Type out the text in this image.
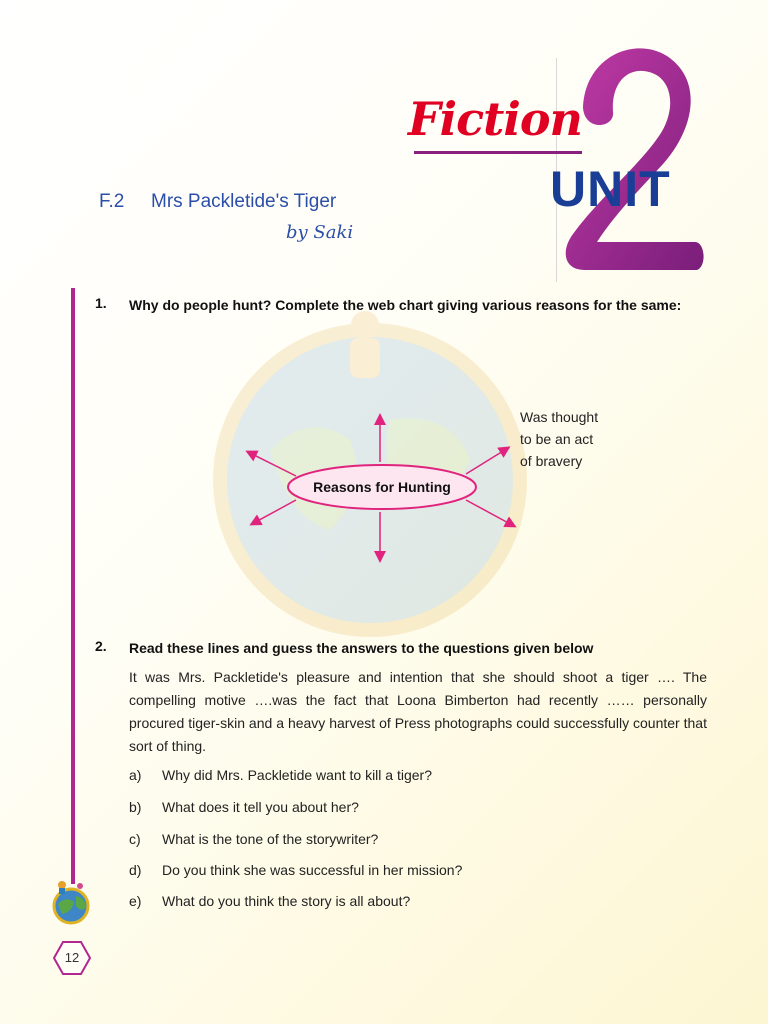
Fiction
UNIT
F.2 Mrs Packletide's Tiger
by Saki
1. Why do people hunt? Complete the web chart giving various reasons for the same:
Reasons for Hunting
Was thought
to be an act
of bravery
2. Read these lines and guess the answers to the questions given below
It was Mrs. Packletide's pleasure and intention that she should shoot a tiger …. The compelling motive ….was the fact that Loona Bimberton had recently …… personally procured tiger-skin and a heavy harvest of Press photographs could successfully counter that sort of thing.
a) Why did Mrs. Packletide want to kill a tiger?
b) What does it tell you about her?
c) What is the tone of the storywriter?
d) Do you think she was successful in her mission?
e) What do you think the story is all about?
12
